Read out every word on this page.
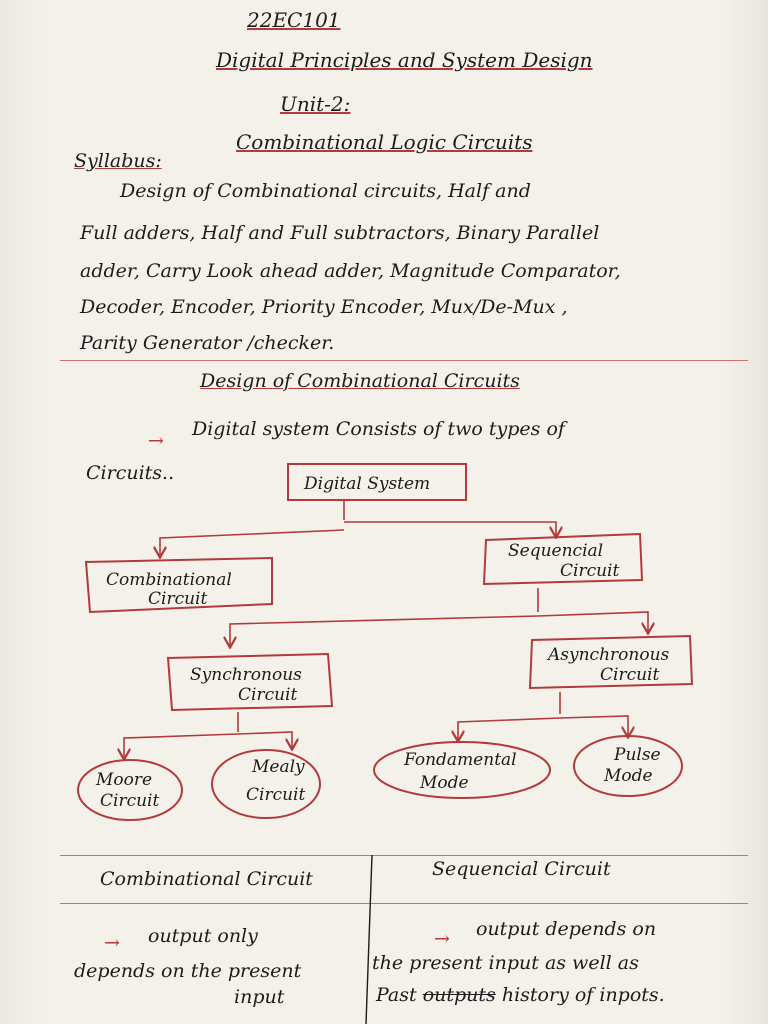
22EC101
Digital Principles and System Design
Unit-2:
Combinational Logic Circuits
Syllabus:
Design of Combinational circuits, Half and
Full adders, Half and Full subtractors, Binary Parallel
adder, Carry Look ahead adder, Magnitude Comparator,
Decoder, Encoder, Priority Encoder, Mux/De-Mux ,
Parity Generator /checker.
Design of Combinational Circuits
→
Digital system Consists of two types of
Circuits..	Digital System
Combinational
Circuit
Sequencial
Circuit
Synchronous
Circuit
Asynchronous
Circuit
Moore
Circuit
Mealy
Circuit
Fondamental
Mode
Pulse
Mode
Combinational Circuit	Sequencial Circuit
→ output only
depends on the present
input
→ output depends on
the present input as well as
Past outputs history of inpots.
